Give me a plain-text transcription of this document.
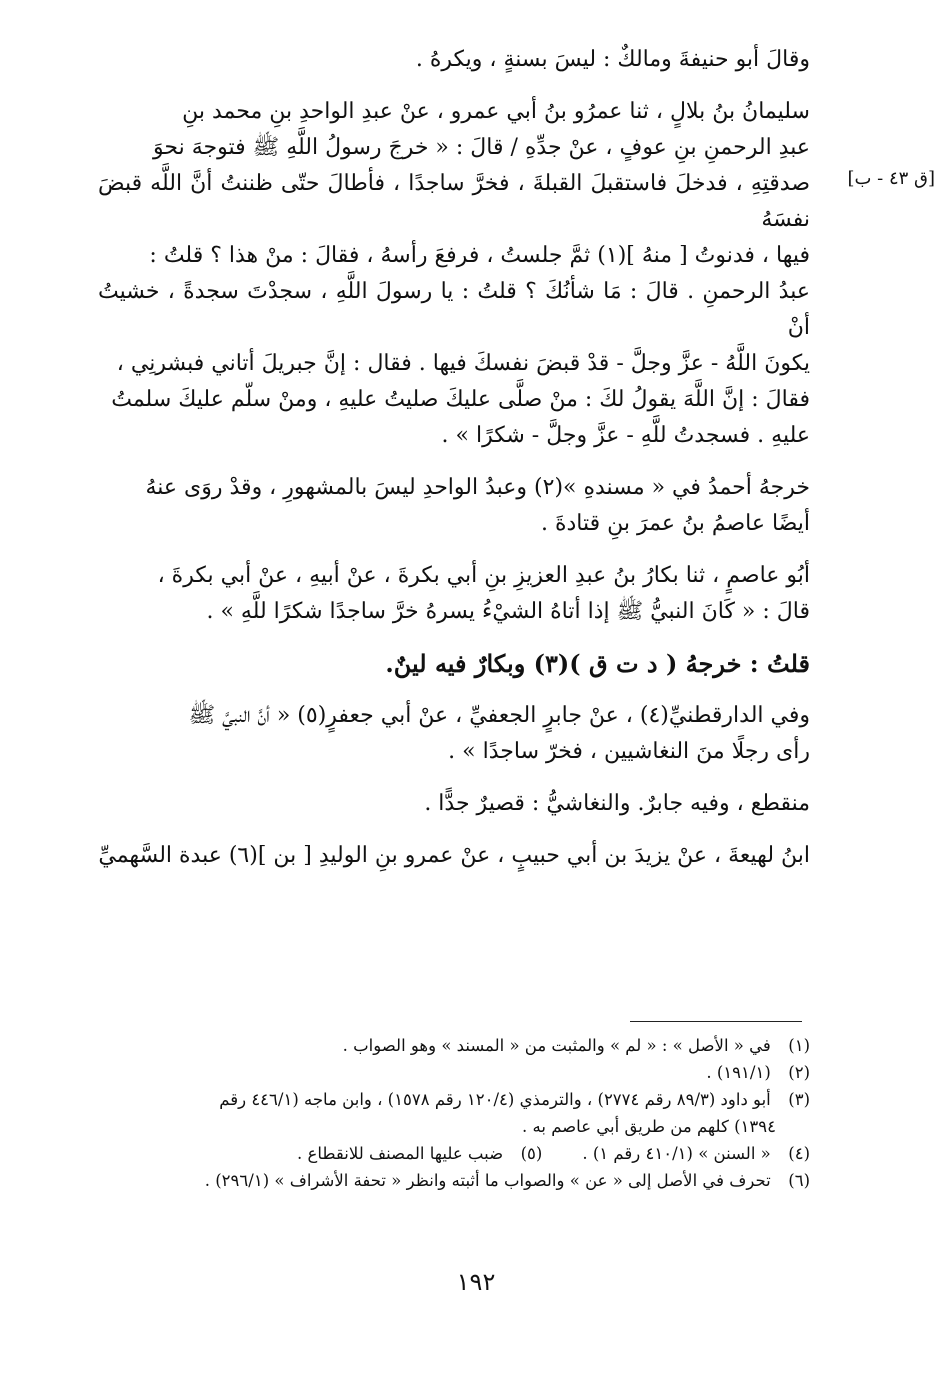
[ق ٤٣ - ب]

وقالَ أبو حنيفةَ ومالكٌ : ليسَ بسنةٍ ، ويكرهُ .

سليمانُ بنُ بلالٍ ، ثنا عمرُو بنُ أبي عمرو ، عنْ عبدِ الواحدِ بنِ محمد بنِ
عبدِ الرحمنِ بنِ عوفٍ ، عنْ جدِّهِ / قالَ : « خرجَ رسولُ اللَّهِ ﷺ فتوجهَ نحوَ
صدقتِهِ ، فدخلَ فاستقبلَ القبلةَ ، فخرَّ ساجدًا ، فأطالَ حتّى ظننتُ أنَّ اللَّه قبضَ نفسَهُ
فيها ، فدنوتُ [ منهُ ](١) ثمَّ جلستُ ، فرفعَ رأسهُ ، فقالَ : منْ هذا ؟ قلتُ :
عبدُ الرحمنِ . قالَ : مَا شأنُكَ ؟ قلتُ : يا رسولَ اللَّهِ ، سجدْتَ سجدةً ، خشيتُ أنْ
يكونَ اللَّهُ - عزَّ وجلَّ - قدْ قبضَ نفسكَ فيها . فقال : إنَّ جبريلَ أتاني فبشرنِي ،
فقالَ : إنَّ اللَّهَ يقولُ لكَ : منْ صلَّى عليكَ صليتُ عليهِ ، ومنْ سلّم عليكَ سلمتُ
عليهِ . فسجدتُ للَّهِ - عزَّ وجلَّ - شكرًا » .

خرجهُ أحمدُ في « مسندهِ »(٢) وعبدُ الواحدِ ليسَ بالمشهورِ ، وقدْ روَى عنهُ
أيضًا عاصمُ بنُ عمرَ بنِ قتادةَ .

أبُو عاصمٍ ، ثنا بكارُ بنُ عبدِ العزيزِ بنِ أبي بكرةَ ، عنْ أبيهِ ، عنْ أبي بكرةَ ،
قالَ : « كَانَ النبيُّ ﷺ إذا أتاهُ الشيْءُ يسرهُ خرَّ ساجدًا شكرًا للَّهِ » .

قلتُ : خرجهُ ( د ت ق )(٣) وبكارٌ فيه لينٌ.

وفي الدارقطنيِّ(٤) ، عنْ جابرٍ الجعفيِّ ، عنْ أبي جعفرٍ(٥) « أنَّ النبيَّ ﷺ
رأى رجلًا منَ النغاشيين ، فخرّ ساجدًا » .

منقطع ، وفيه جابرٌ. والنغاشيُّ : قصيرٌ جدًّا .

ابنُ لهيعةَ ، عنْ يزيدَ بن أبي حبيبٍ ، عنْ عمرو بنِ الوليدِ [ بن ](٦) عبدة السَّهميِّ

(١) في « الأصل » : « لم » والمثبت من « المسند » وهو الصواب .

(٢) (١٩١/١) .

(٣) أبو داود (٨٩/٣ رقم ٢٧٧٤) ، والترمذي (١٢٠/٤ رقم ١٥٧٨) ، وابن ماجه (٤٤٦/١ رقم

١٣٩٤) كلهم من طريق أبي عاصم به .

(٤) « السنن » (٤١٠/١ رقم ١) .
(٥) ضبب عليها المصنف للانقطاع .

(٦) تحرف في الأصل إلى « عن » والصواب ما أثبته وانظر « تحفة الأشراف » (٢٩٦/١) .

١٩٢
